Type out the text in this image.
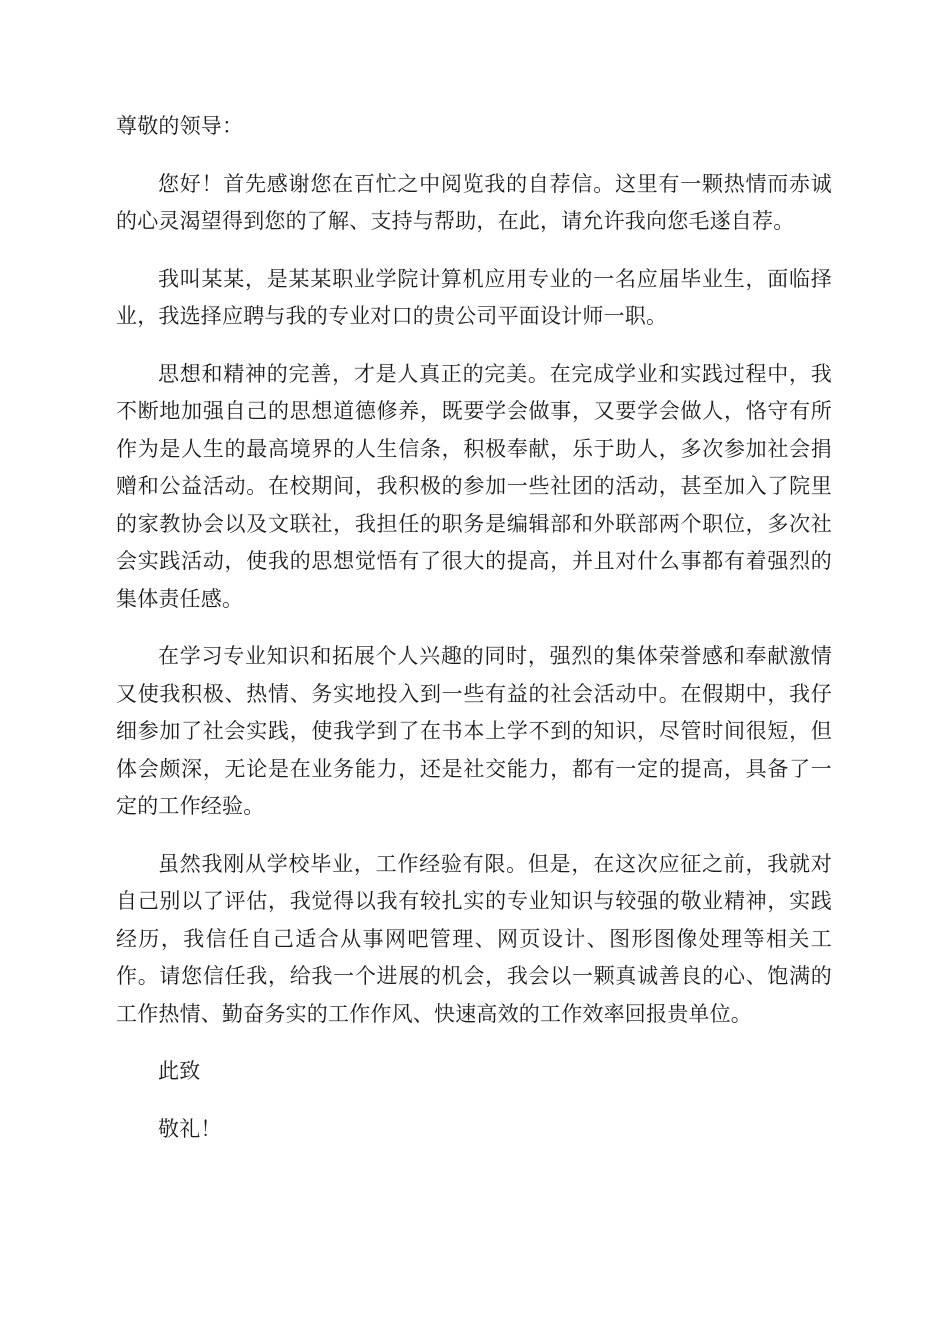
尊敬的领导：

您好！首先感谢您在百忙之中阅览我的自荐信。这里有一颗热情而赤诚的心灵渴望得到您的了解、支持与帮助，在此，请允许我向您毛遂自荐。

我叫某某，是某某职业学院计算机应用专业的一名应届毕业生，面临择业，我选择应聘与我的专业对口的贵公司平面设计师一职。

思想和精神的完善，才是人真正的完美。在完成学业和实践过程中，我不断地加强自己的思想道德修养，既要学会做事，又要学会做人，恪守有所作为是人生的最高境界的人生信条，积极奉献，乐于助人，多次参加社会捐赠和公益活动。在校期间，我积极的参加一些社团的活动，甚至加入了院里的家教协会以及文联社，我担任的职务是编辑部和外联部两个职位，多次社会实践活动，使我的思想觉悟有了很大的提高，并且对什么事都有着强烈的集体责任感。

在学习专业知识和拓展个人兴趣的同时，强烈的集体荣誉感和奉献激情又使我积极、热情、务实地投入到一些有益的社会活动中。在假期中，我仔细参加了社会实践，使我学到了在书本上学不到的知识，尽管时间很短，但体会颇深，无论是在业务能力，还是社交能力，都有一定的提高，具备了一定的工作经验。

虽然我刚从学校毕业，工作经验有限。但是，在这次应征之前，我就对自己别以了评估，我觉得以我有较扎实的专业知识与较强的敬业精神，实践经历，我信任自己适合从事网吧管理、网页设计、图形图像处理等相关工作。请您信任我，给我一个进展的机会，我会以一颗真诚善良的心、饱满的工作热情、勤奋务实的工作作风、快速高效的工作效率回报贵单位。

此致

敬礼！
